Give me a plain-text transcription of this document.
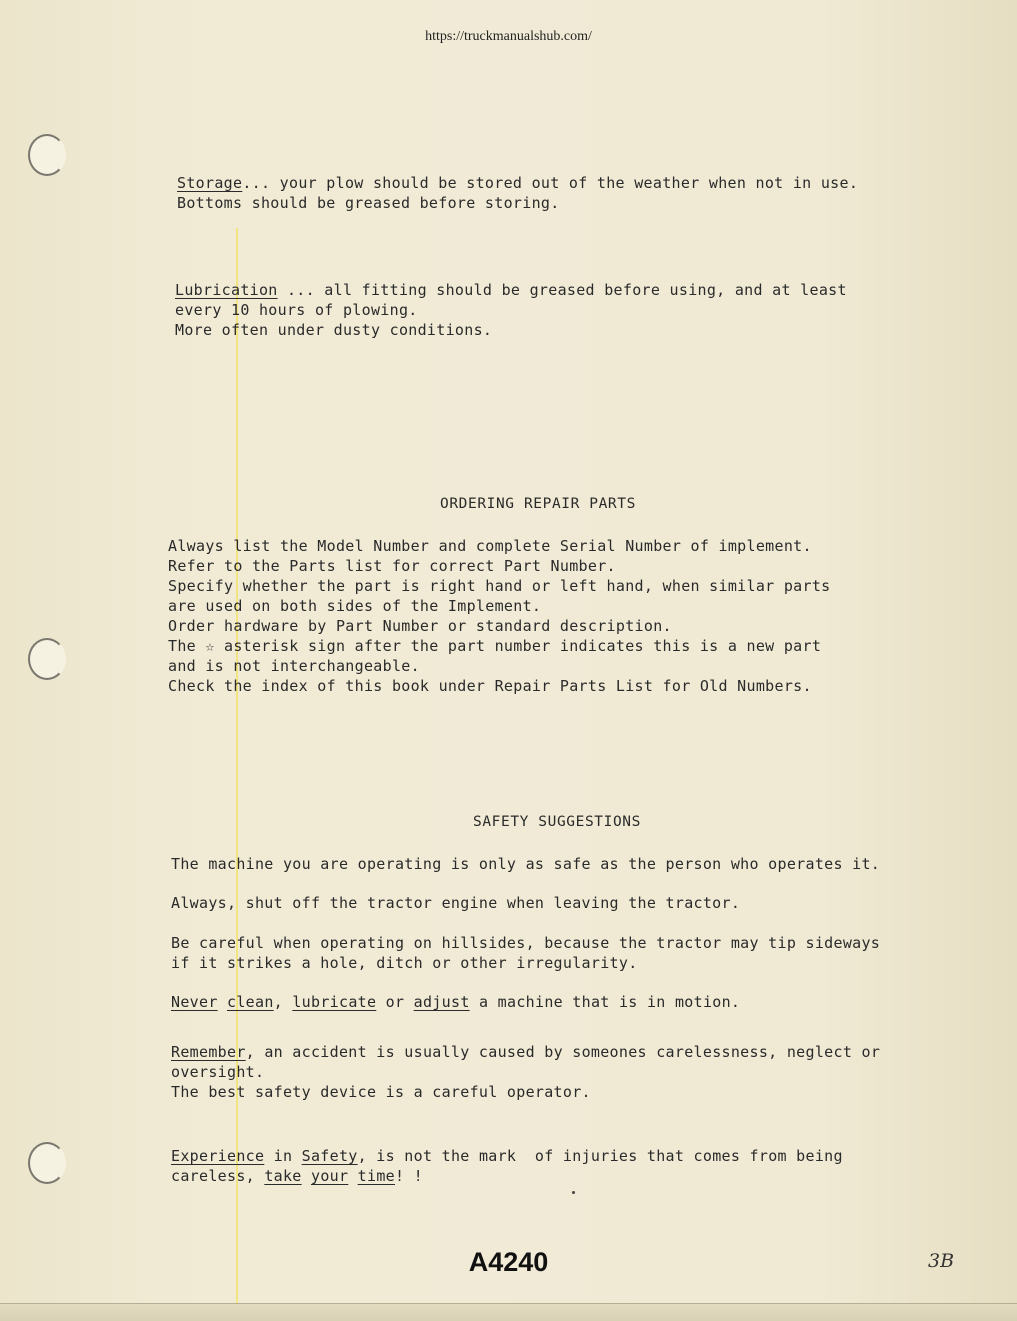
https://truckmanualshub.com/
Storage... your plow should be stored out of the weather when not in use.
Bottoms should be greased before storing.
Lubrication ... all fitting should be greased before using, and at least
every 10 hours of plowing.
More often under dusty conditions.
ORDERING REPAIR PARTS
Always list the Model Number and complete Serial Number of implement.
Refer to the Parts list for correct Part Number.
Specify whether the part is right hand or left hand, when similar parts
are used on both sides of the Implement.
Order hardware by Part Number or standard description.
The ☆ asterisk sign after the part number indicates this is a new part
and is not interchangeable.
Check the index of this book under Repair Parts List for Old Numbers.
SAFETY SUGGESTIONS
The machine you are operating is only as safe as the person who operates it.
Always, shut off the tractor engine when leaving the tractor.
Be careful when operating on hillsides, because the tractor may tip sideways
if it strikes a hole, ditch or other irregularity.
Never clean, lubricate or adjust a machine that is in motion.
Remember, an accident is usually caused by someones carelessness, neglect or
oversight.
The best safety device is a careful operator.
Experience in Safety, is not the mark  of injuries that comes from being
careless, take your time! !
A4240	3B
